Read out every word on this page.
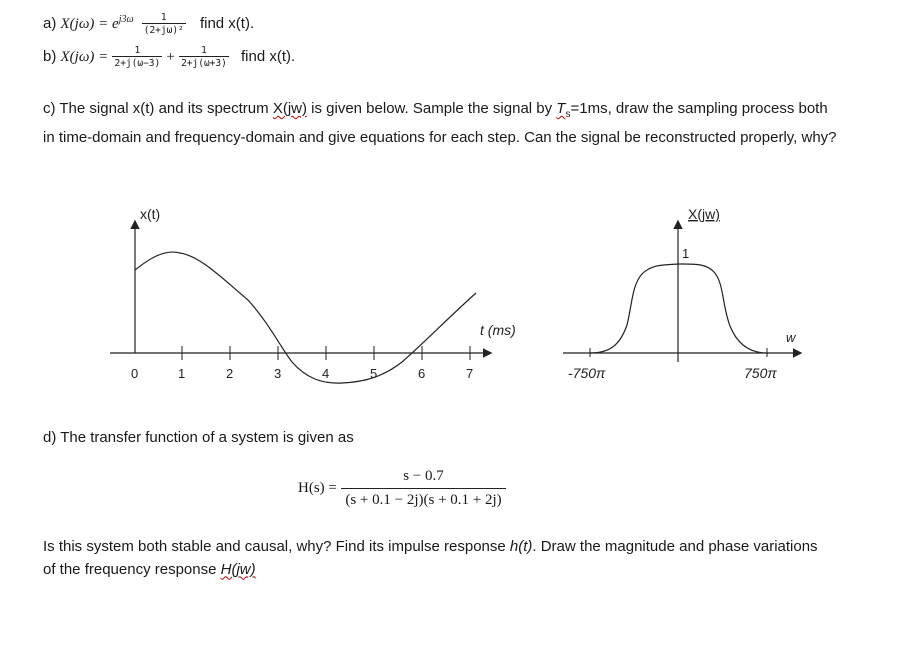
a) $X(j\omega) = e^{j3\omega} \frac{1}{\text{(2+jω)²}}$ find x(t).
b) $X(j\omega) = \frac{1}{2+j(\omega-3)} + \frac{1}{2+j(\omega+3)}$ find x(t).
c) The signal x(t) and its spectrum X(jw) is given below. Sample the signal by $T_s=1ms$, draw the sampling process both in time-domain and frequency-domain and give equations for each step. Can the signal be reconstructed properly, why?
0	1	2	3	4	5	6	7
x(t)
t (ms)
X(jw)
1
w
-750π	750π
d) The transfer function of a system is given as
$H(s) = \frac{s - 0.7}{(s + 0.1 - 2j)(s + 0.1 + 2j)}$
Is this system both stable and causal, why? Find its impulse response h(t). Draw the magnitude and phase variations of the frequency response H(jw)
